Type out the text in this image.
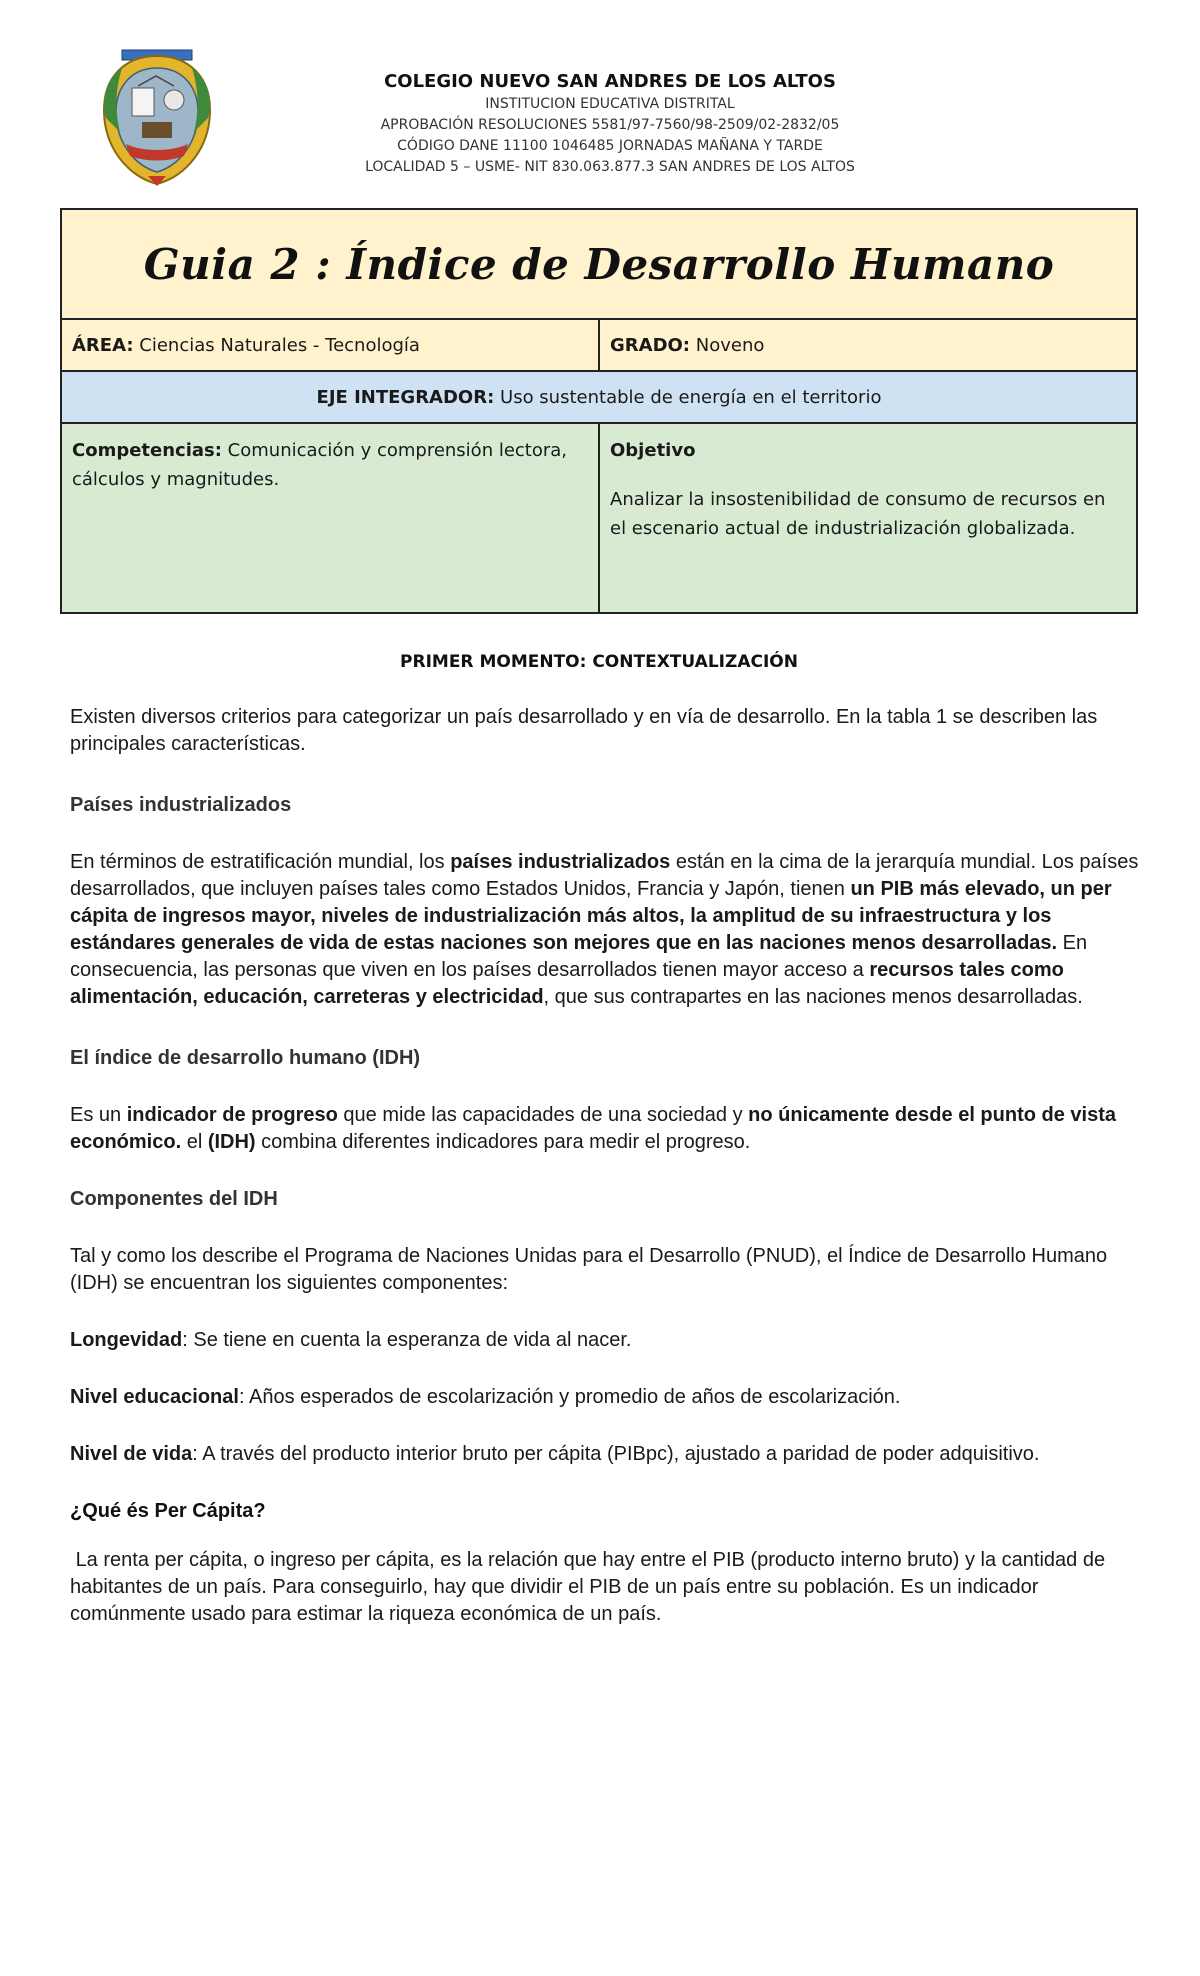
COLEGIO NUEVO SAN ANDRES DE LOS ALTOS
INSTITUCION EDUCATIVA DISTRITAL
APROBACIÓN RESOLUCIONES 5581/97-7560/98-2509/02-2832/05
CÓDIGO DANE 11100 1046485 JORNADAS MAÑANA Y TARDE
LOCALIDAD 5 – USME- NIT 830.063.877.3 SAN ANDRES DE LOS ALTOS
Guia 2 : Índice de Desarrollo Humano	
ÁREA: Ciencias Naturales - Tecnología	GRADO: Noveno
EJE INTEGRADOR: Uso sustentable de energía en el territorio	
Competencias: Comunicación y comprensión lectora, cálculos y magnitudes.	Objetivo
Analizar la insostenibilidad de consumo de recursos en el escenario actual de industrialización globalizada.
PRIMER MOMENTO: CONTEXTUALIZACIÓN

Existen diversos criterios para categorizar un país desarrollado y en vía de desarrollo. En la tabla 1 se describen las principales características.

Países industrializados

En términos de estratificación mundial, los países industrializados están en la cima de la jerarquía mundial. Los países desarrollados, que incluyen países tales como Estados Unidos, Francia y Japón, tienen un PIB más elevado, un per cápita de ingresos mayor, niveles de industrialización más altos, la amplitud de su infraestructura y los estándares generales de vida de estas naciones son mejores que en las naciones menos desarrolladas. En consecuencia, las personas que viven en los países desarrollados tienen mayor acceso a recursos tales como alimentación, educación, carreteras y electricidad, que sus contrapartes en las naciones menos desarrolladas.

El índice de desarrollo humano (IDH)

Es un indicador de progreso que mide las capacidades de una sociedad y no únicamente desde el punto de vista económico. el (IDH) combina diferentes indicadores para medir el progreso.

Componentes del IDH

Tal y como los describe el Programa de Naciones Unidas para el Desarrollo (PNUD), el Índice de Desarrollo Humano (IDH) se encuentran los siguientes componentes:

Longevidad: Se tiene en cuenta la esperanza de vida al nacer.

Nivel educacional: Años esperados de escolarización y promedio de años de escolarización.

Nivel de vida: A través del producto interior bruto per cápita (PIBpc), ajustado a paridad de poder adquisitivo.

¿Qué és Per Cápita?

La renta per cápita, o ingreso per cápita, es la relación que hay entre el PIB (producto interno bruto) y la cantidad de habitantes de un país. Para conseguirlo, hay que dividir el PIB de un país entre su población. Es un indicador comúnmente usado para estimar la riqueza económica de un país.
